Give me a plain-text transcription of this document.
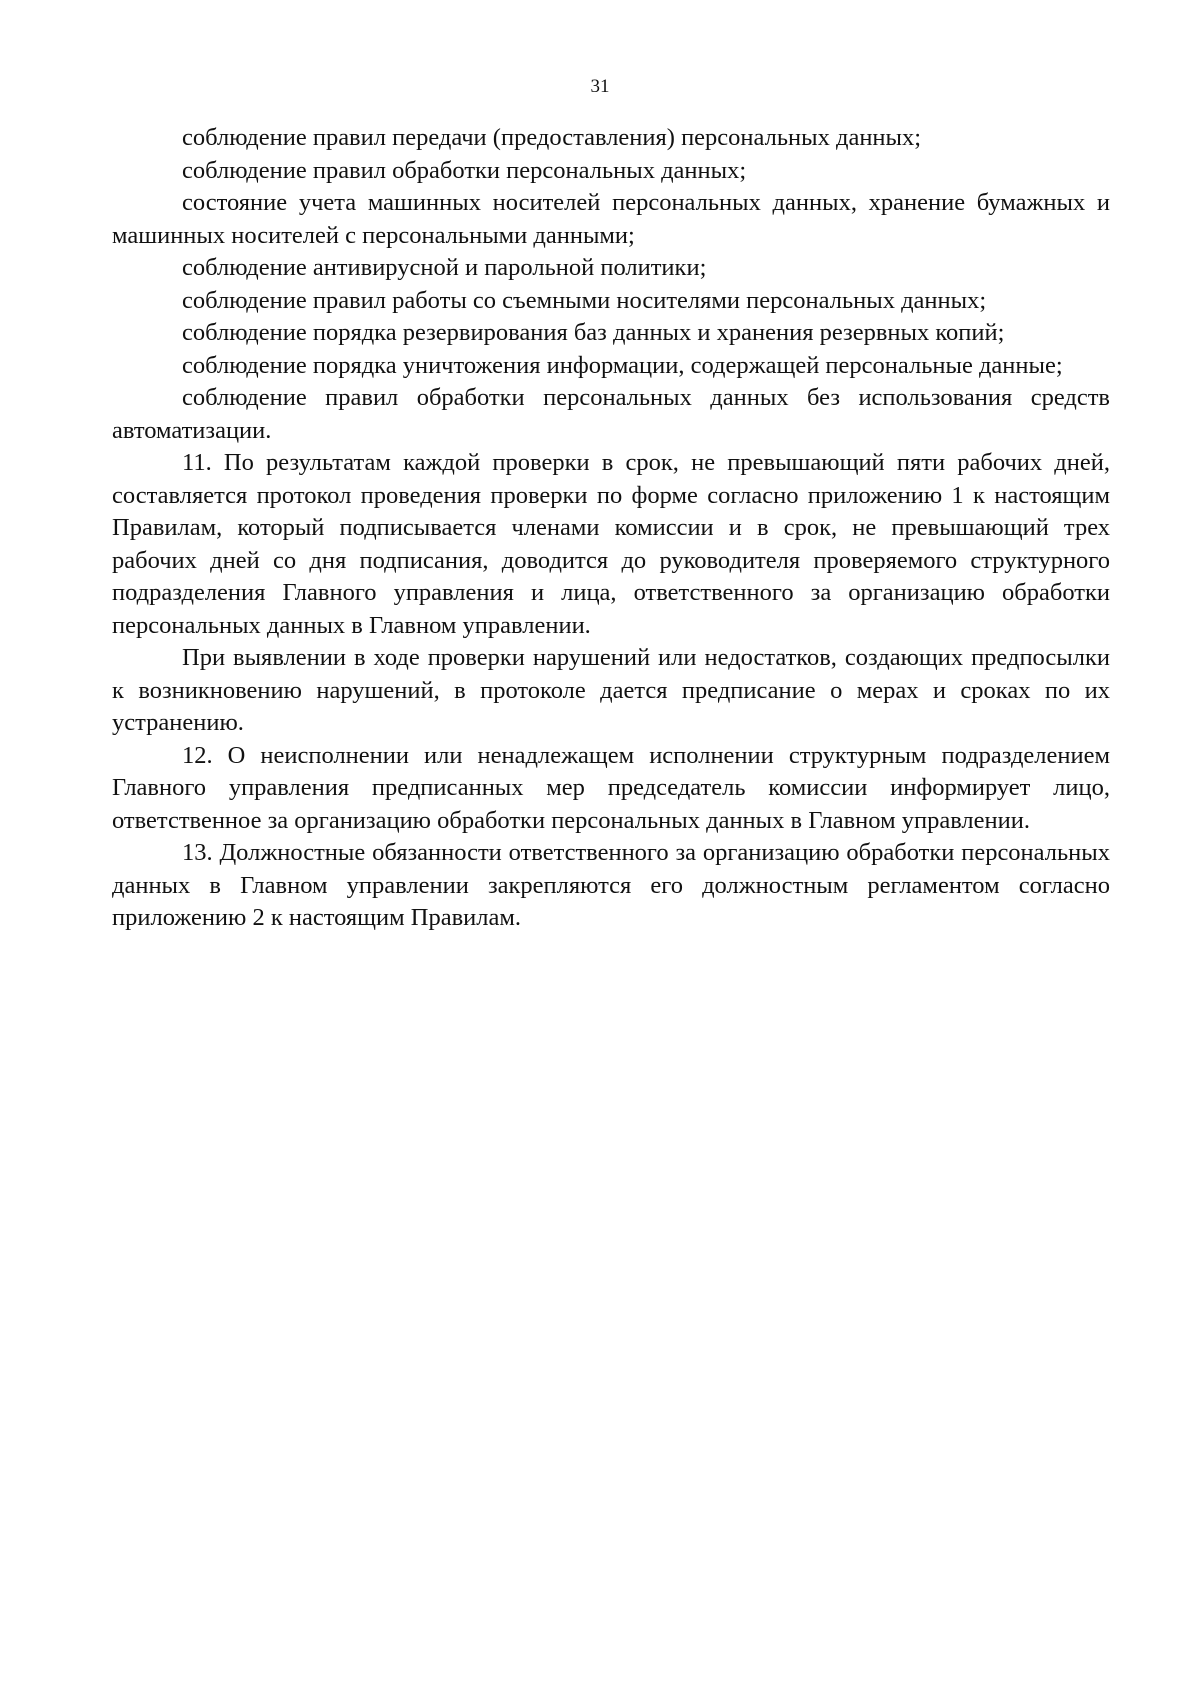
31

соблюдение правил передачи (предоставления) персональных данных;

соблюдение правил обработки персональных данных;

состояние учета машинных носителей персональных данных, хранение бумажных и машинных носителей с персональными данными;

соблюдение антивирусной и парольной политики;

соблюдение правил работы со съемными носителями персональных данных;

соблюдение порядка резервирования баз данных и хранения резервных копий;

соблюдение порядка уничтожения информации, содержащей персональные данные;

соблюдение правил обработки персональных данных без использования средств автоматизации.

11. По результатам каждой проверки в срок, не превышающий пяти рабочих дней, составляется протокол проведения проверки по форме согласно приложению 1 к настоящим Правилам, который подписывается членами комиссии и в срок, не превышающий трех рабочих дней со дня подписания, доводится до руководителя проверяемого структурного подразделения Главного управления и лица, ответственного за организацию обработки персональных данных в Главном управлении.

При выявлении в ходе проверки нарушений или недостатков, создающих предпосылки к возникновению нарушений, в протоколе дается предписание о мерах и сроках по их устранению.

12. О неисполнении или ненадлежащем исполнении структурным подразделением Главного управления предписанных мер председатель комиссии информирует лицо, ответственное за организацию обработки персональных данных в Главном управлении.

13. Должностные обязанности ответственного за организацию обработки персональных данных в Главном управлении закрепляются его должностным регламентом согласно приложению 2 к настоящим Правилам.
